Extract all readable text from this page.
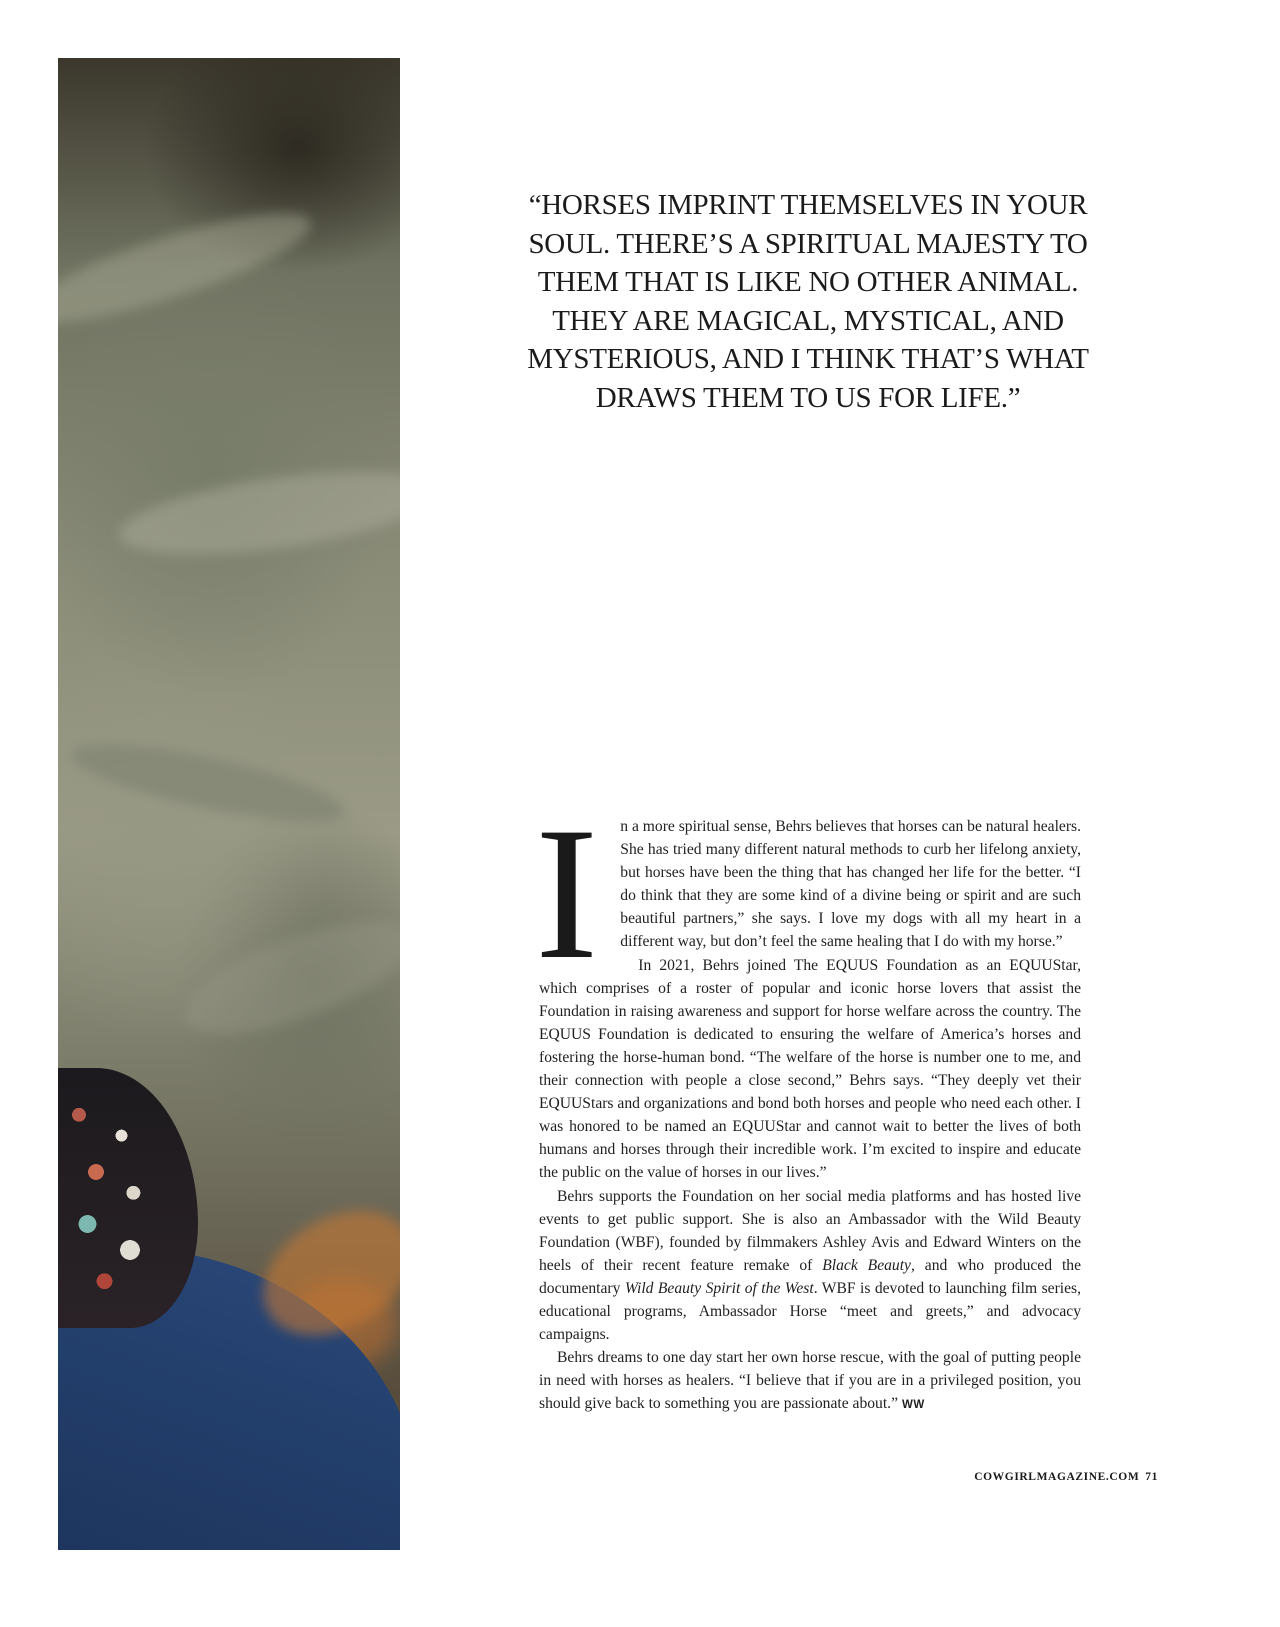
“HORSES IMPRINT THEMSELVES IN YOUR SOUL. THERE’S A SPIRITUAL MAJESTY TO THEM THAT IS LIKE NO OTHER ANIMAL. THEY ARE MAGICAL, MYSTICAL, AND MYSTERIOUS, AND I THINK THAT’S WHAT DRAWS THEM TO US FOR LIFE.”

I n a more spiritual sense, Behrs believes that horses can be natural healers. She has tried many different natural methods to curb her lifelong anxiety, but horses have been the thing that has changed her life for the better. “I do think that they are some kind of a divine being or spirit and are such beautiful partners,” she says. I love my dogs with all my heart in a different way, but don’t feel the same healing that I do with my horse.”

In 2021, Behrs joined The EQUUS Foundation as an EQUUStar, which comprises of a roster of popular and iconic horse lovers that assist the Foundation in raising awareness and support for horse welfare across the country. The EQUUS Foundation is dedicated to ensuring the welfare of America’s horses and fostering the horse-human bond. “The welfare of the horse is number one to me, and their connection with people a close second,” Behrs says. “They deeply vet their EQUUStars and organizations and bond both horses and people who need each other. I was honored to be named an EQUUStar and cannot wait to better the lives of both humans and horses through their incredible work. I’m excited to inspire and educate the public on the value of horses in our lives.”

Behrs supports the Foundation on her social media platforms and has hosted live events to get public support. She is also an Ambassador with the Wild Beauty Foundation (WBF), founded by filmmakers Ashley Avis and Edward Winters on the heels of their recent feature remake of Black Beauty, and who produced the documentary Wild Beauty Spirit of the West. WBF is devoted to launching film series, educational programs, Ambassador Horse “meet and greets,” and advocacy campaigns.

Behrs dreams to one day start her own horse rescue, with the goal of putting people in need with horses as healers. “I believe that if you are in a privileged position, you should give back to something you are passionate about.” WW

COWGIRLMAGAZINE.COM 71
